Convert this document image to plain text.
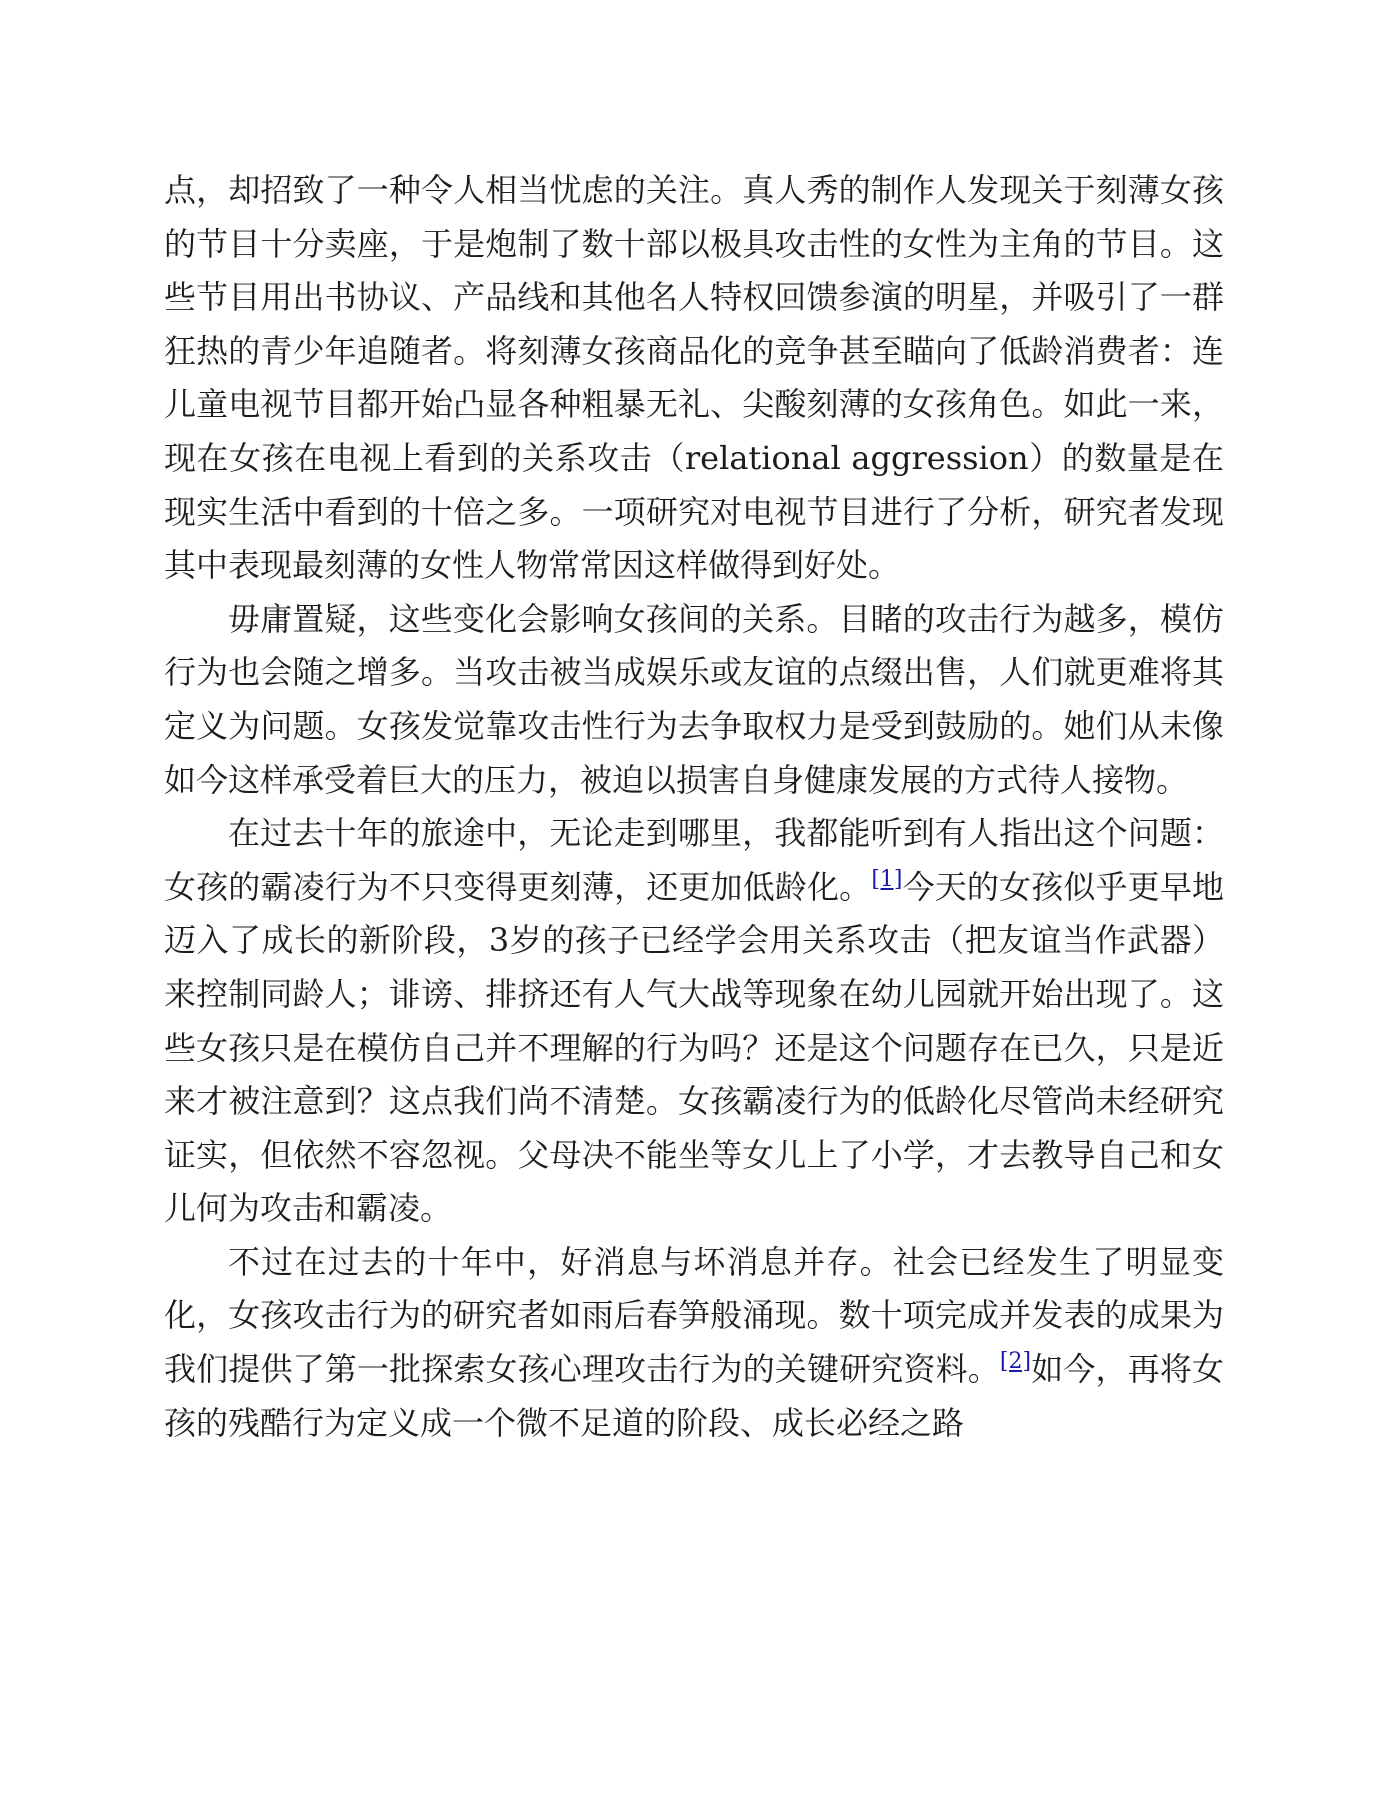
点，却招致了一种令人相当忧虑的关注。真人秀的制作人发现关于刻薄女孩的节目十分卖座，于是炮制了数十部以极具攻击性的女性为主角的节目。这些节目用出书协议、产品线和其他名人特权回馈参演的明星，并吸引了一群狂热的青少年追随者。将刻薄女孩商品化的竞争甚至瞄向了低龄消费者：连儿童电视节目都开始凸显各种粗暴无礼、尖酸刻薄的女孩角色。如此一来，现在女孩在电视上看到的关系攻击（relational aggression）的数量是在现实生活中看到的十倍之多。一项研究对电视节目进行了分析，研究者发现其中表现最刻薄的女性人物常常因这样做得到好处。

毋庸置疑，这些变化会影响女孩间的关系。目睹的攻击行为越多，模仿行为也会随之增多。当攻击被当成娱乐或友谊的点缀出售，人们就更难将其定义为问题。女孩发觉靠攻击性行为去争取权力是受到鼓励的。她们从未像如今这样承受着巨大的压力，被迫以损害自身健康发展的方式待人接物。

在过去十年的旅途中，无论走到哪里，我都能听到有人指出这个问题：女孩的霸凌行为不只变得更刻薄，还更加低龄化。[1]今天的女孩似乎更早地迈入了成长的新阶段，3岁的孩子已经学会用关系攻击（把友谊当作武器）来控制同龄人；诽谤、排挤还有人气大战等现象在幼儿园就开始出现了。这些女孩只是在模仿自己并不理解的行为吗？还是这个问题存在已久，只是近来才被注意到？这点我们尚不清楚。女孩霸凌行为的低龄化尽管尚未经研究证实，但依然不容忽视。父母决不能坐等女儿上了小学，才去教导自己和女儿何为攻击和霸凌。

不过在过去的十年中，好消息与坏消息并存。社会已经发生了明显变化，女孩攻击行为的研究者如雨后春笋般涌现。数十项完成并发表的成果为我们提供了第一批探索女孩心理攻击行为的关键研究资料。[2]如今，再将女孩的残酷行为定义成一个微不足道的阶段、成长必经之路
